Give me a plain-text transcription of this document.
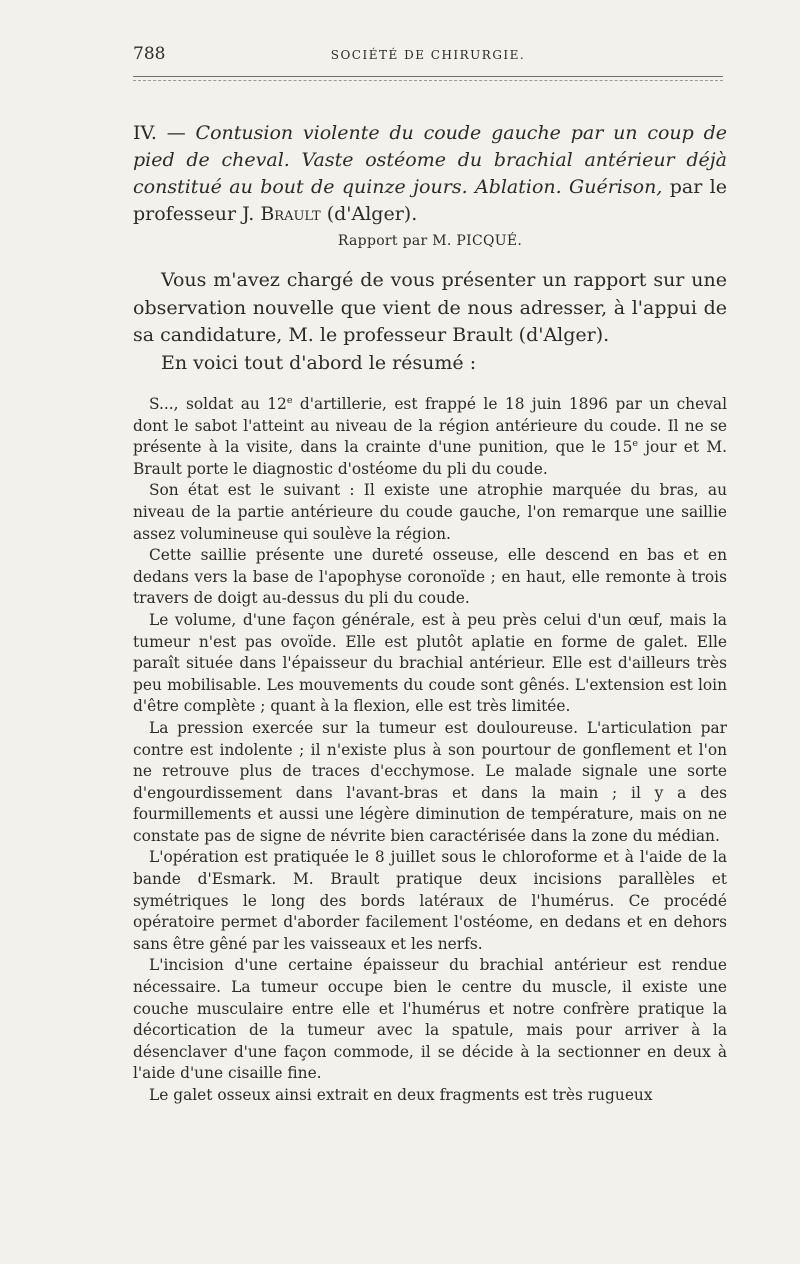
788	SOCIÉTÉ DE CHIRURGIE.
IV. — Contusion violente du coude gauche par un coup de pied de cheval. Vaste ostéome du brachial antérieur déjà constitué au bout de quinze jours. Ablation. Guérison, par le professeur J. Brault (d'Alger).
Rapport par M. PICQUÉ.

Vous m'avez chargé de vous présenter un rapport sur une observation nouvelle que vient de nous adresser, à l'appui de sa candidature, M. le professeur Brault (d'Alger).

En voici tout d'abord le résumé :

S..., soldat au 12e d'artillerie, est frappé le 18 juin 1896 par un cheval dont le sabot l'atteint au niveau de la région antérieure du coude. Il ne se présente à la visite, dans la crainte d'une punition, que le 15e jour et M. Brault porte le diagnostic d'ostéome du pli du coude.

Son état est le suivant : Il existe une atrophie marquée du bras, au niveau de la partie antérieure du coude gauche, l'on remarque une saillie assez volumineuse qui soulève la région.

Cette saillie présente une dureté osseuse, elle descend en bas et en dedans vers la base de l'apophyse coronoïde ; en haut, elle remonte à trois travers de doigt au-dessus du pli du coude.

Le volume, d'une façon générale, est à peu près celui d'un œuf, mais la tumeur n'est pas ovoïde. Elle est plutôt aplatie en forme de galet. Elle paraît située dans l'épaisseur du brachial antérieur. Elle est d'ailleurs très peu mobilisable. Les mouvements du coude sont gênés. L'extension est loin d'être complète ; quant à la flexion, elle est très limitée.

La pression exercée sur la tumeur est douloureuse. L'articulation par contre est indolente ; il n'existe plus à son pourtour de gonflement et l'on ne retrouve plus de traces d'ecchymose. Le malade signale une sorte d'engourdissement dans l'avant-bras et dans la main ; il y a des fourmillements et aussi une légère diminution de température, mais on ne constate pas de signe de névrite bien caractérisée dans la zone du médian.

L'opération est pratiquée le 8 juillet sous le chloroforme et à l'aide de la bande d'Esmark. M. Brault pratique deux incisions parallèles et symétriques le long des bords latéraux de l'humérus. Ce procédé opératoire permet d'aborder facilement l'ostéome, en dedans et en dehors sans être gêné par les vaisseaux et les nerfs.

L'incision d'une certaine épaisseur du brachial antérieur est rendue nécessaire. La tumeur occupe bien le centre du muscle, il existe une couche musculaire entre elle et l'humérus et notre confrère pratique la décortication de la tumeur avec la spatule, mais pour arriver à la désenclaver d'une façon commode, il se décide à la sectionner en deux à l'aide d'une cisaille fine.

Le galet osseux ainsi extrait en deux fragments est très rugueux
